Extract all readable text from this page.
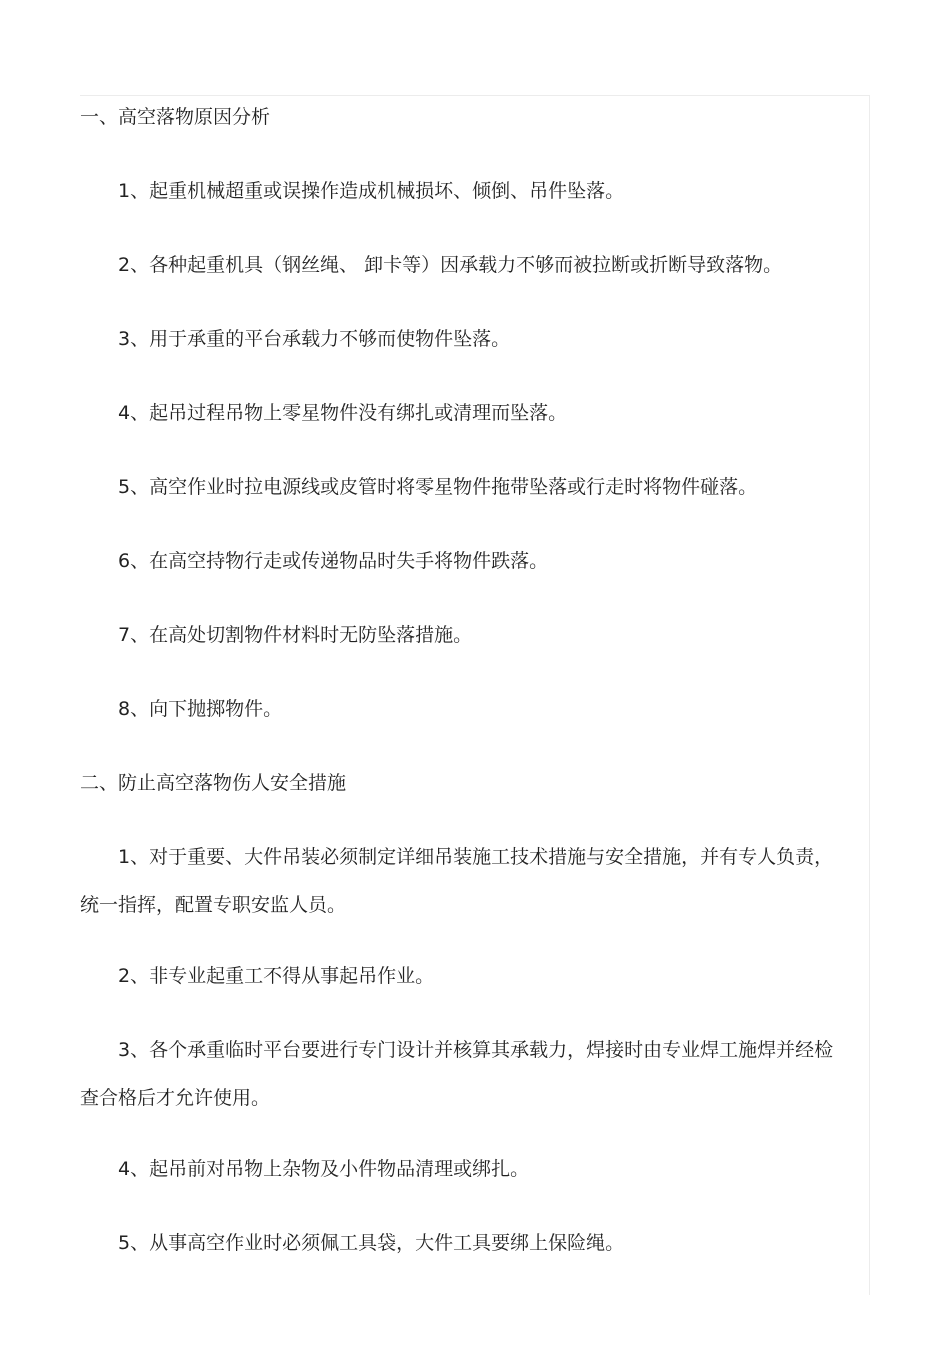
一、高空落物原因分析

1、起重机械超重或误操作造成机械损坏、倾倒、吊件坠落。

2、各种起重机具（钢丝绳、 卸卡等）因承载力不够而被拉断或折断导致落物。

3、用于承重的平台承载力不够而使物件坠落。

4、起吊过程吊物上零星物件没有绑扎或清理而坠落。

5、高空作业时拉电源线或皮管时将零星物件拖带坠落或行走时将物件碰落。

6、在高空持物行走或传递物品时失手将物件跌落。

7、在高处切割物件材料时无防坠落措施。

8、向下抛掷物件。

二、防止高空落物伤人安全措施

1、对于重要、大件吊装必须制定详细吊装施工技术措施与安全措施，并有专人负责，统一指挥，配置专职安监人员。

2、非专业起重工不得从事起吊作业。

3、各个承重临时平台要进行专门设计并核算其承载力，焊接时由专业焊工施焊并经检查合格后才允许使用。

4、起吊前对吊物上杂物及小件物品清理或绑扎。

5、从事高空作业时必须佩工具袋，大件工具要绑上保险绳。
